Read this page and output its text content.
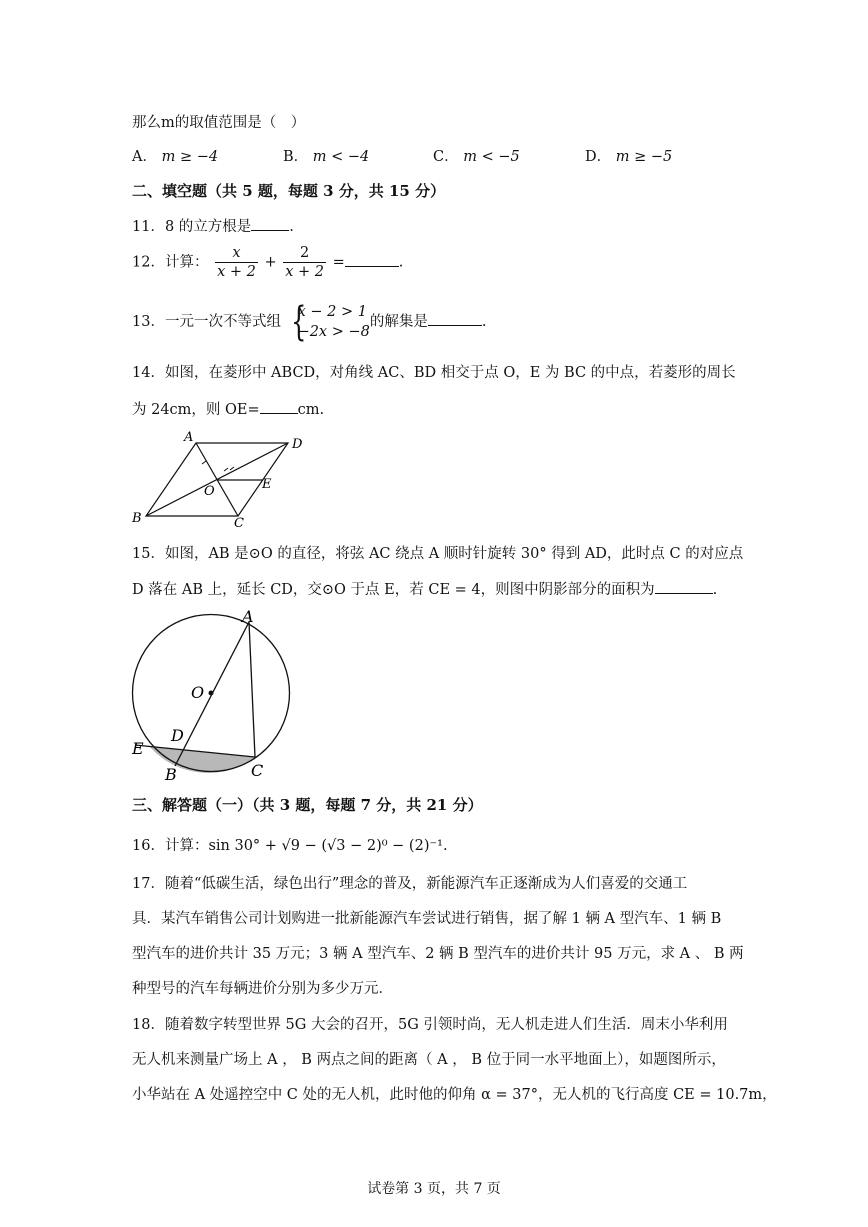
那么m的取值范围是（　）
A． m ≥ −4	B． m < −4	C． m < −5	D． m ≥ −5
二、填空题（共 5 题，每题 3 分，共 15 分）
11．8 的立方根是	.
12．计算： $\frac{x}{x + 2} + \frac{2}{x + 2}$ =	.
13．一元一次不等式组 {
x − 2 > 1
−2x > −8
的解集是	.
14．如图，在菱形中 ABCD，对角线 AC、BD 相交于点 O，E 为 BC 的中点，若菱形的周长
为 24cm，则 OE=	cm.
A	D
B	C
O	E
15．如图，AB 是⊙O 的直径，将弦 AC 绕点 A 顺时针旋转 30° 得到 AD，此时点 C 的对应点
D 落在 AB 上，延长 CD，交⊙O 于点 E，若 CE = 4，则图中阴影部分的面积为	.
A
O
D
E
B	C
三、解答题（一）（共 3 题，每题 7 分，共 21 分）
16．计算：sin 30° + √9 − (√3 − 2)⁰ − (2)⁻¹.
17．随着“低碳生活，绿色出行”理念的普及，新能源汽车正逐渐成为人们喜爱的交通工
具．某汽车销售公司计划购进一批新能源汽车尝试进行销售，据了解 1 辆 A 型汽车、1 辆 B
型汽车的进价共计 35 万元；3 辆 A 型汽车、2 辆 B 型汽车的进价共计 95 万元，求 A 、 B 两
种型号的汽车每辆进价分别为多少万元．
18．随着数字转型世界 5G 大会的召开，5G 引领时尚，无人机走进人们生活．周末小华利用
无人机来测量广场上 A ， B 两点之间的距离（ A ， B 位于同一水平地面上），如题图所示，
小华站在 A 处遥控空中 C 处的无人机，此时他的仰角 α = 37°，无人机的飞行高度 CE = 10.7m，
试卷第 3 页，共 7 页
